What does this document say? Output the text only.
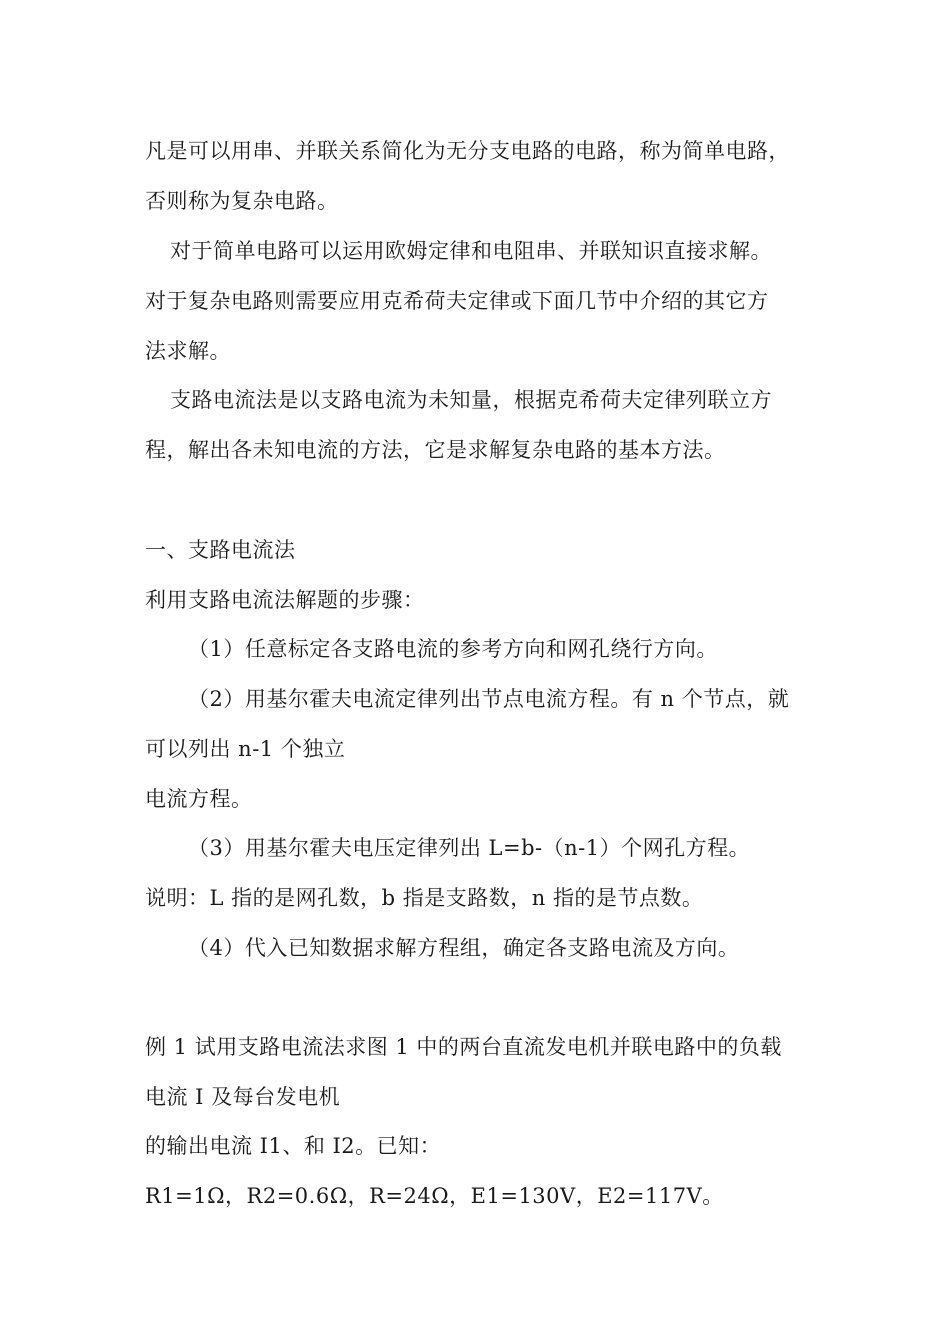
凡是可以用串、并联关系简化为无分支电路的电路，称为简单电路，
否则称为复杂电路。
对于简单电路可以运用欧姆定律和电阻串、并联知识直接求解。
对于复杂电路则需要应用克希荷夫定律或下面几节中介绍的其它方
法求解。
支路电流法是以支路电流为未知量，根据克希荷夫定律列联立方
程，解出各未知电流的方法，它是求解复杂电路的基本方法。
一、支路电流法
利用支路电流法解题的步骤：
（1）任意标定各支路电流的参考方向和网孔绕行方向。
（2）用基尔霍夫电流定律列出节点电流方程。有 n 个节点，就
可以列出 n-1 个独立
电流方程。
（3）用基尔霍夫电压定律列出 L=b-（n-1）个网孔方程。
说明：L 指的是网孔数，b 指是支路数，n 指的是节点数。
（4）代入已知数据求解方程组，确定各支路电流及方向。
例 1 试用支路电流法求图 1 中的两台直流发电机并联电路中的负载
电流 I 及每台发电机
的输出电流 I1、和 I2。已知：
R1=1Ω，R2=0.6Ω，R=24Ω，E1=130V，E2=117V。
